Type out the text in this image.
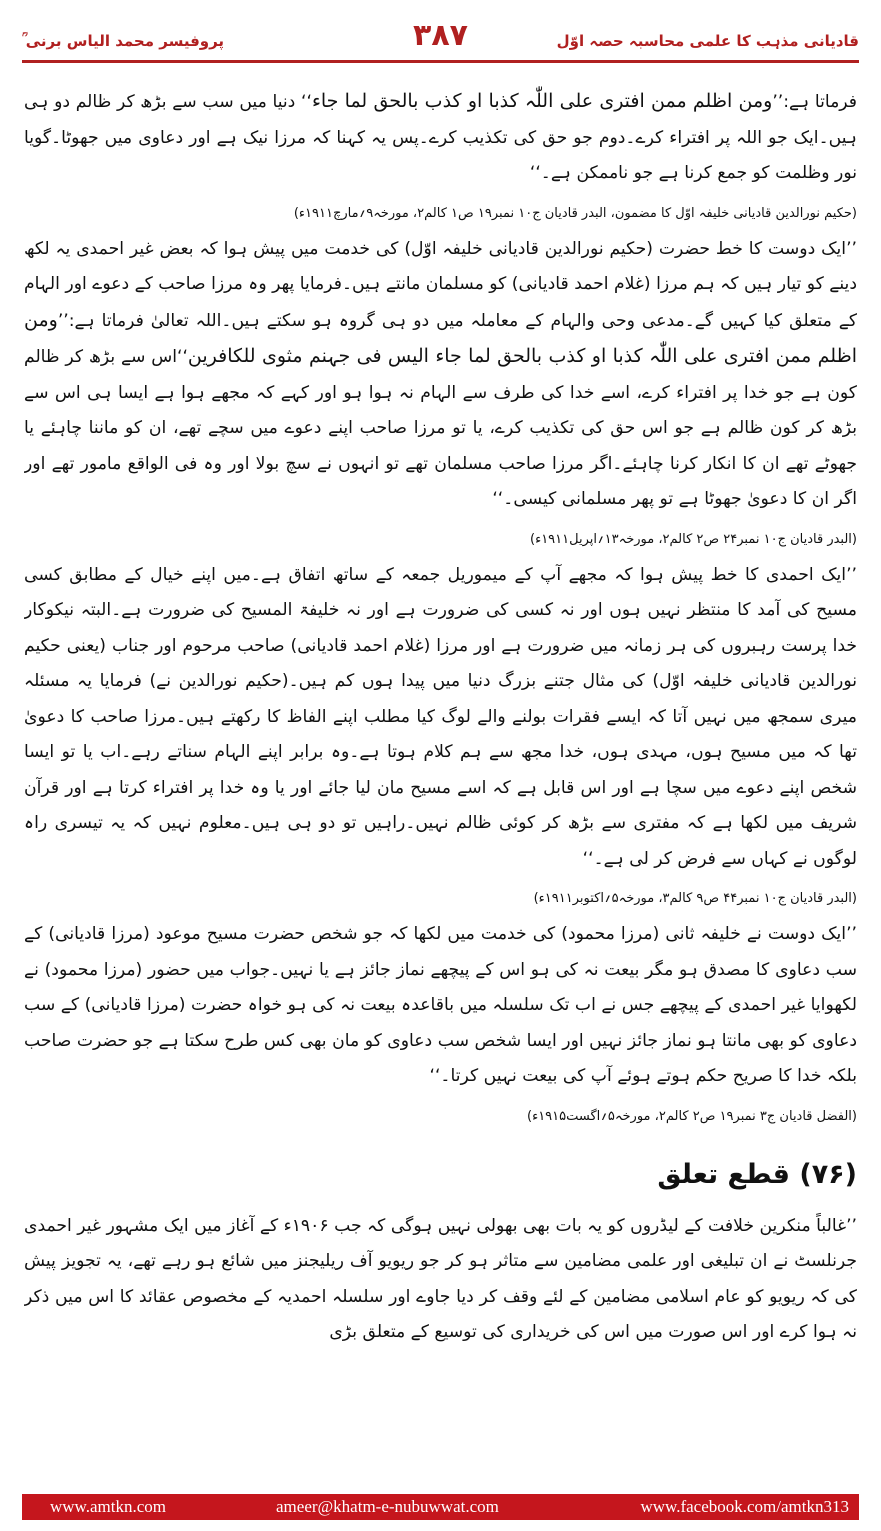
پروفیسر محمد الیاس برنی ؒ	۳۸۷	قادیانی مذہب کا علمی محاسبہ حصہ اوّل

فرماتا ہے:’’ومن اظلم ممن افتری علی اللّٰہ کذبا او کذب بالحق لما جاء‘‘ دنیا میں سب سے بڑھ کر ظالم دو ہی ہیں۔ایک جو اللہ پر افتراء کرے۔دوم جو حق کی تکذیب کرے۔پس یہ کہنا کہ مرزا نیک ہے اور دعاوی میں جھوٹا۔گویا نور وظلمت کو جمع کرنا ہے جو ناممکن ہے۔‘‘

(حکیم نورالدین قادیانی خلیفہ اوّل کا مضمون، البدر قادیان ج۱۰ نمبر۱۹ ص۱ کالم۲، مورخہ۹؍مارچ۱۹۱۱ء)

’’ایک دوست کا خط حضرت (حکیم نورالدین قادیانی خلیفہ اوّل) کی خدمت میں پیش ہوا کہ بعض غیر احمدی یہ لکھ دینے کو تیار ہیں کہ ہم مرزا (غلام احمد قادیانی) کو مسلمان مانتے ہیں۔فرمایا پھر وہ مرزا صاحب کے دعوے اور الہام کے متعلق کیا کہیں گے۔مدعی وحی والہام کے معاملہ میں دو ہی گروہ ہو سکتے ہیں۔اللہ تعالیٰ فرماتا ہے:’’ومن اظلم ممن افتری علی اللّٰہ کذبا او کذب بالحق لما جاء الیس فی جہنم مثوی للکافرین‘‘اس سے بڑھ کر ظالم کون ہے جو خدا پر افتراء کرے، اسے خدا کی طرف سے الہام نہ ہوا ہو اور کہے کہ مجھے ہوا ہے ایسا ہی اس سے بڑھ کر کون ظالم ہے جو اس حق کی تکذیب کرے، یا تو مرزا صاحب اپنے دعوے میں سچے تھے، ان کو ماننا چاہئے یا جھوٹے تھے ان کا انکار کرنا چاہئے۔اگر مرزا صاحب مسلمان تھے تو انہوں نے سچ بولا اور وہ فی الواقع مامور تھے اور اگر ان کا دعویٰ جھوٹا ہے تو پھر مسلمانی کیسی۔‘‘

(البدر قادیان ج۱۰ نمبر۲۴ ص۲ کالم۲، مورخہ۱۳؍اپریل۱۹۱۱ء)

’’ایک احمدی کا خط پیش ہوا کہ مجھے آپ کے میموریل جمعہ کے ساتھ اتفاق ہے۔میں اپنے خیال کے مطابق کسی مسیح کی آمد کا منتظر نہیں ہوں اور نہ کسی کی ضرورت ہے اور نہ خلیفۃ المسیح کی ضرورت ہے۔البتہ نیکوکار خدا پرست رہبروں کی ہر زمانہ میں ضرورت ہے اور مرزا (غلام احمد قادیانی) صاحب مرحوم اور جناب (یعنی حکیم نورالدین قادیانی خلیفہ اوّل) کی مثال جتنے بزرگ دنیا میں پیدا ہوں کم ہیں۔(حکیم نورالدین نے) فرمایا یہ مسئلہ میری سمجھ میں نہیں آتا کہ ایسے فقرات بولنے والے لوگ کیا مطلب اپنے الفاظ کا رکھتے ہیں۔مرزا صاحب کا دعویٰ تھا کہ میں مسیح ہوں، مہدی ہوں، خدا مجھ سے ہم کلام ہوتا ہے۔وہ برابر اپنے الہام سناتے رہے۔اب یا تو ایسا شخص اپنے دعوے میں سچا ہے اور اس قابل ہے کہ اسے مسیح مان لیا جائے اور یا وہ خدا پر افتراء کرتا ہے اور قرآن شریف میں لکھا ہے کہ مفتری سے بڑھ کر کوئی ظالم نہیں۔راہیں تو دو ہی ہیں۔معلوم نہیں کہ یہ تیسری راہ لوگوں نے کہاں سے فرض کر لی ہے۔‘‘

(البدر قادیان ج۱۰ نمبر۴۴ ص۹ کالم۳، مورخہ۵؍اکتوبر۱۹۱۱ء)

’’ایک دوست نے خلیفہ ثانی (مرزا محمود) کی خدمت میں لکھا کہ جو شخص حضرت مسیح موعود (مرزا قادیانی) کے سب دعاوی کا مصدق ہو مگر بیعت نہ کی ہو اس کے پیچھے نماز جائز ہے یا نہیں۔جواب میں حضور (مرزا محمود) نے لکھوایا غیر احمدی کے پیچھے جس نے اب تک سلسلہ میں باقاعدہ بیعت نہ کی ہو خواہ حضرت (مرزا قادیانی) کے سب دعاوی کو بھی مانتا ہو نماز جائز نہیں اور ایسا شخص سب دعاوی کو مان بھی کس طرح سکتا ہے جو حضرت صاحب بلکہ خدا کا صریح حکم ہوتے ہوئے آپ کی بیعت نہیں کرتا۔‘‘

(الفضل قادیان ج۳ نمبر۱۹ ص۲ کالم۲، مورخہ۵؍اگست۱۹۱۵ء)
(۷۶) قطع تعلق

’’غالباً منکرین خلافت کے لیڈروں کو یہ بات بھی بھولی نہیں ہوگی کہ جب ۱۹۰۶ء کے آغاز میں ایک مشہور غیر احمدی جرنلسٹ نے ان تبلیغی اور علمی مضامین سے متاثر ہو کر جو ریویو آف ریلیجنز میں شائع ہو رہے تھے، یہ تجویز پیش کی کہ ریویو کو عام اسلامی مضامین کے لئے وقف کر دیا جاوے اور سلسلہ احمدیہ کے مخصوص عقائد کا اس میں ذکر نہ ہوا کرے اور اس صورت میں اس کی خریداری کی توسیع کے متعلق بڑی

www.amtkn.com	ameer@khatm-e-nubuwwat.com	www.facebook.com/amtkn313
